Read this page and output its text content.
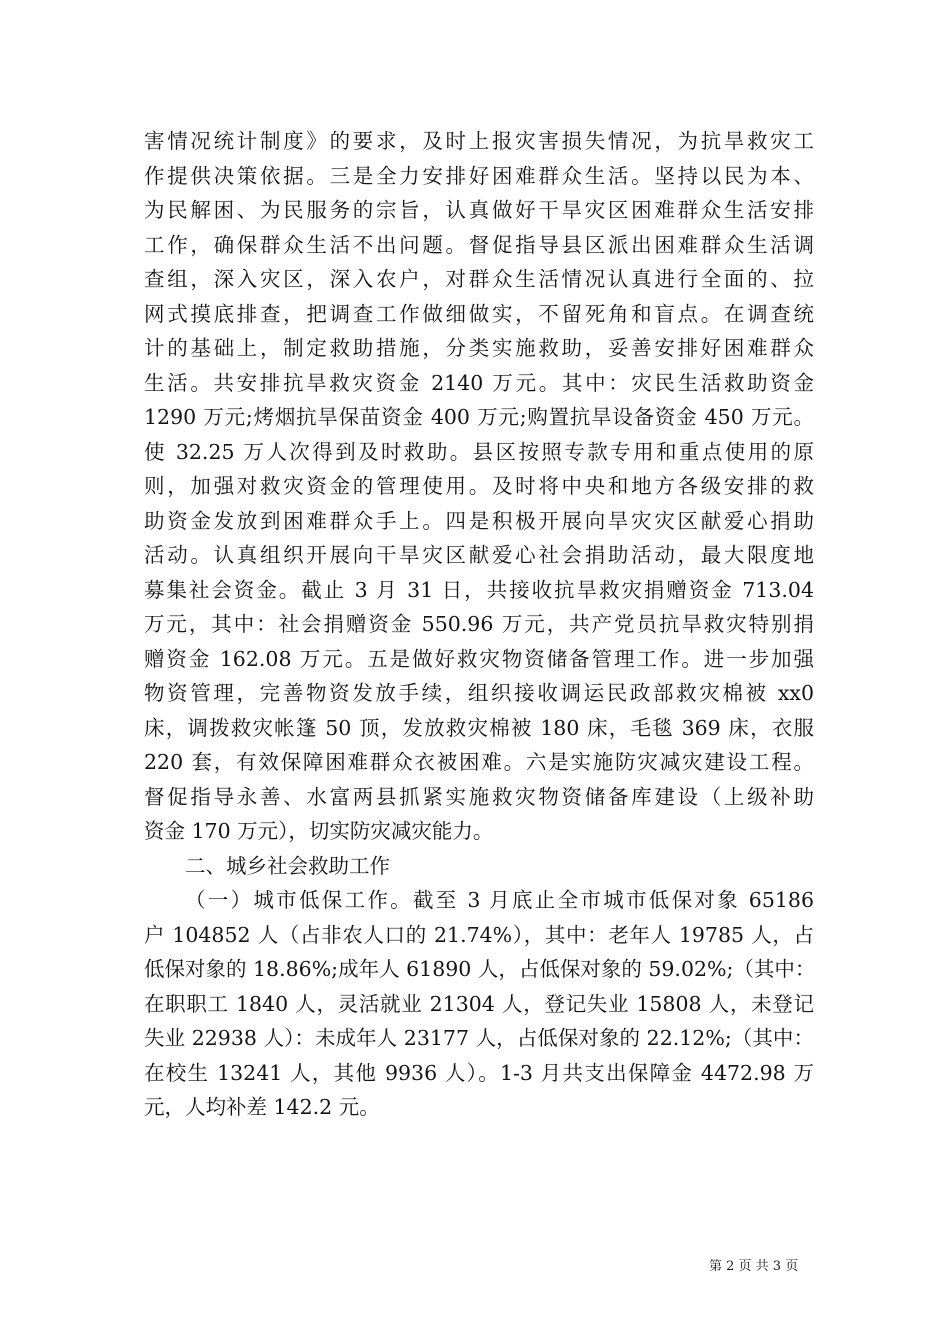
害情况统计制度》的要求，及时上报灾害损失情况，为抗旱救灾工
作提供决策依据。三是全力安排好困难群众生活。坚持以民为本、
为民解困、为民服务的宗旨，认真做好干旱灾区困难群众生活安排
工作，确保群众生活不出问题。督促指导县区派出困难群众生活调
查组，深入灾区，深入农户，对群众生活情况认真进行全面的、拉
网式摸底排查，把调查工作做细做实，不留死角和盲点。在调查统
计的基础上，制定救助措施，分类实施救助，妥善安排好困难群众
生活。共安排抗旱救灾资金 2140 万元。其中：灾民生活救助资金
1290 万元;烤烟抗旱保苗资金 400 万元;购置抗旱设备资金 450 万元。
使 32.25 万人次得到及时救助。县区按照专款专用和重点使用的原
则，加强对救灾资金的管理使用。及时将中央和地方各级安排的救
助资金发放到困难群众手上。四是积极开展向旱灾灾区献爱心捐助
活动。认真组织开展向干旱灾区献爱心社会捐助活动，最大限度地
募集社会资金。截止 3 月 31 日，共接收抗旱救灾捐赠资金 713.04
万元，其中：社会捐赠资金 550.96 万元，共产党员抗旱救灾特别捐
赠资金 162.08 万元。五是做好救灾物资储备管理工作。进一步加强
物资管理，完善物资发放手续，组织接收调运民政部救灾棉被 xx0
床，调拨救灾帐篷 50 顶，发放救灾棉被 180 床，毛毯 369 床，衣服
220 套，有效保障困难群众衣被困难。六是实施防灾减灾建设工程。
督促指导永善、水富两县抓紧实施救灾物资储备库建设（上级补助
资金 170 万元），切实防灾减灾能力。
二、城乡社会救助工作
（一）城市低保工作。截至 3 月底止全市城市低保对象 65186
户 104852 人（占非农人口的 21.74%），其中：老年人 19785 人，占
低保对象的 18.86%;成年人 61890 人，占低保对象的 59.02%;（其中：
在职职工 1840 人，灵活就业 21304 人，登记失业 15808 人，未登记
失业 22938 人）：未成年人 23177 人，占低保对象的 22.12%;（其中：
在校生 13241 人，其他 9936 人）。1-3 月共支出保障金 4472.98 万
元，人均补差 142.2 元。
第 2 页 共 3 页
